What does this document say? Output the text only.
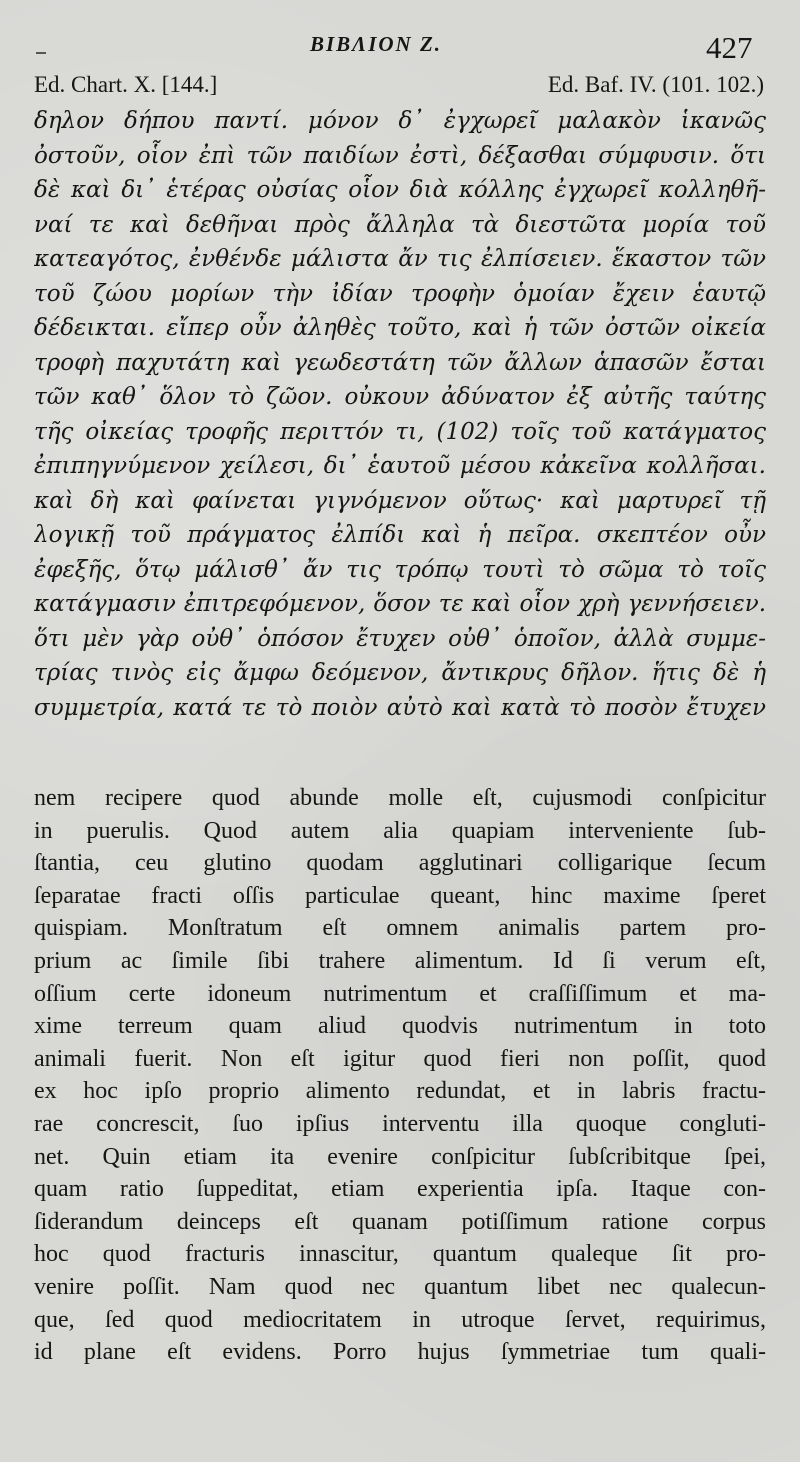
BIBΛΙΟΝ Ζ.	427
Ed. Chart. X. [144.]	Ed. Baf. IV. (101. 102.)
δηλον δήπου παντί. μόνον δ᾽ ἐγχωρεῖ μαλακὸν ἱκανῶς
ὀστοῦν, οἷον ἐπὶ τῶν παιδίων ἐστὶ, δέξασθαι σύμφυσιν. ὅτι
δὲ καὶ δι᾽ ἑτέρας οὐσίας οἷον διὰ κόλλης ἐγχωρεῖ κολληθῆ-
ναί τε καὶ δεθῆναι πρὸς ἄλληλα τὰ διεστῶτα μορία τοῦ
κατεαγότος, ἐνθένδε μάλιστα ἄν τις ἐλπίσειεν. ἕκαστον τῶν
τοῦ ζώου μορίων τὴν ἰδίαν τροφὴν ὁμοίαν ἔχειν ἑαυτῷ
δέδεικται. εἴπερ οὖν ἀληθὲς τοῦτο, καὶ ἡ τῶν ὀστῶν οἰκεία
τροφὴ παχυτάτη καὶ γεωδεστάτη τῶν ἄλλων ἁπασῶν ἔσται
τῶν καθ᾽ ὅλον τὸ ζῶον. οὐκουν ἀδύνατον ἐξ αὐτῆς ταύτης
τῆς οἰκείας τροφῆς περιττόν τι, (102) τοῖς τοῦ κατάγματος
ἐπιπηγνύμενον χείλεσι, δι᾽ ἑαυτοῦ μέσου κἀκεῖνα κολλῆσαι.
καὶ δὴ καὶ φαίνεται γιγνόμενον οὕτως· καὶ μαρτυρεῖ τῇ
λογικῇ τοῦ πράγματος ἐλπίδι καὶ ἡ πεῖρα. σκεπτέον οὖν
ἐφεξῆς, ὅτῳ μάλισθ᾽ ἄν τις τρόπῳ τουτὶ τὸ σῶμα τὸ τοῖς
κατάγμασιν ἐπιτρεφόμενον, ὅσον τε καὶ οἷον χρὴ γεννήσειεν.
ὅτι μὲν γὰρ οὐθ᾽ ὁπόσον ἔτυχεν οὐθ᾽ ὁποῖον, ἀλλὰ συμμε-
τρίας τινὸς εἰς ἄμφω δεόμενον, ἄντικρυς δῆλον. ἥτις δὲ ἡ
συμμετρία, κατά τε τὸ ποιὸν αὐτὸ καὶ κατὰ τὸ ποσὸν ἔτυχεν
nem recipere quod abunde molle eſt, cujusmodi conſpicitur
in puerulis. Quod autem alia quapiam interveniente ſub-
ſtantia, ceu glutino quodam agglutinari colligarique ſecum
ſeparatae fracti oſſis particulae queant, hinc maxime ſperet
quispiam. Monſtratum eſt omnem animalis partem pro-
prium ac ſimile ſibi trahere alimentum. Id ſi verum eſt,
oſſium certe idoneum nutrimentum et craſſiſſimum et ma-
xime terreum quam aliud quodvis nutrimentum in toto
animali fuerit. Non eſt igitur quod fieri non poſſit, quod
ex hoc ipſo proprio alimento redundat, et in labris fractu-
rae concrescit, ſuo ipſius interventu illa quoque congluti-
net. Quin etiam ita evenire conſpicitur ſubſcribitque ſpei,
quam ratio ſuppeditat, etiam experientia ipſa. Itaque con-
ſiderandum deinceps eſt quanam potiſſimum ratione corpus
hoc quod fracturis innascitur, quantum qualeque ſit pro-
venire poſſit. Nam quod nec quantum libet nec qualecun-
que, ſed quod mediocritatem in utroque ſervet, requirimus,
id plane eſt evidens. Porro hujus ſymmetriae tum quali-
